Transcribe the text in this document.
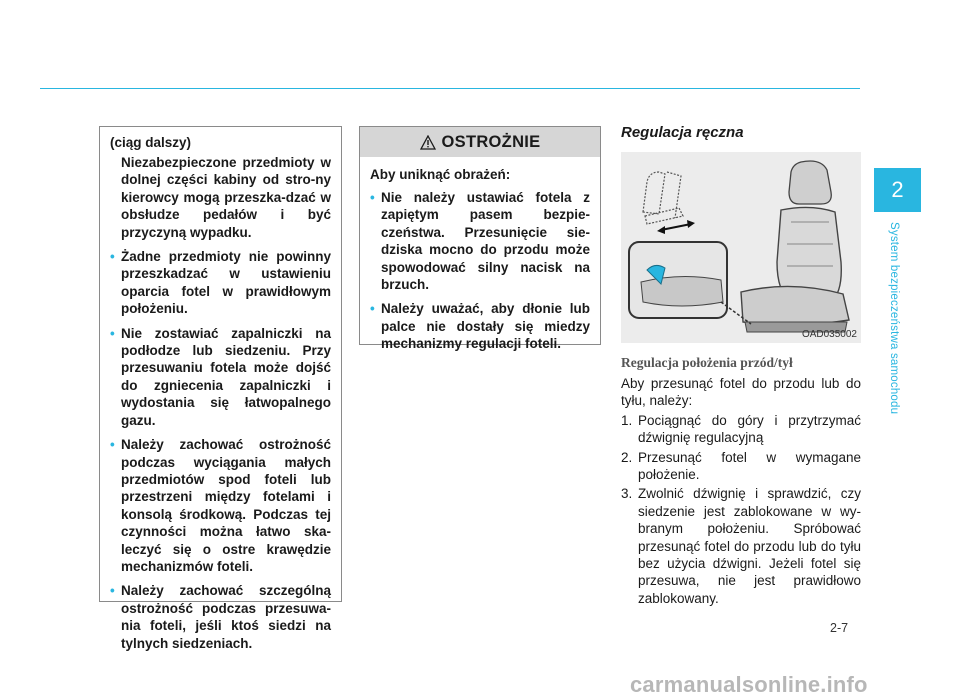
(ciąg dalszy)
Niezabezpieczone przedmioty w dolnej części kabiny od stro-ny kierowcy mogą przeszka-dzać w obsłudze pedałów i być przyczyną wypadku.
• Żadne przedmioty nie powinny przeszkadzać w ustawieniu oparcia fotel w prawidłowym położeniu.
• Nie zostawiać zapalniczki na podłodze lub siedzeniu. Przy przesuwaniu fotela może dojść do zgniecenia zapalniczki i wydostania się łatwopalnego gazu.
• Należy zachować ostrożność podczas wyciągania małych przedmiotów spod foteli lub przestrzeni między fotelami i konsolą środkową. Podczas tej czynności można łatwo ska-leczyć się o ostre krawędzie mechanizmów foteli.
• Należy zachować szczególną ostrożność podczas przesuwa-nia foteli, jeśli ktoś siedzi na tylnych siedzeniach.
OSTROŻNIE
Aby uniknąć obrażeń:
• Nie należy ustawiać fotela z zapiętym pasem bezpie-czeństwa. Przesunięcie sie-dziska mocno do przodu może spowodować silny nacisk na brzuch.
• Należy uważać, aby dłonie lub palce nie dostały się miedzy mechanizmy regulacji foteli.
Regulacja ręczna
OAD035002
Regulacja położenia przód/tył
Aby przesunąć fotel do przodu lub do tyłu, należy:
1. Pociągnąć do góry i przytrzymać dźwignię regulacyjną
2. Przesunąć fotel w wymagane położenie.
3. Zwolnić dźwignię i sprawdzić, czy siedzenie jest zablokowane w wy-branym położeniu. Spróbować przesunąć fotel do przodu lub do tyłu bez użycia dźwigni. Jeżeli fotel się przesuwa, nie jest prawidłowo zablokowany.
2
System bezpieczeństwa samochodu
2-7
carmanualsonline.info
